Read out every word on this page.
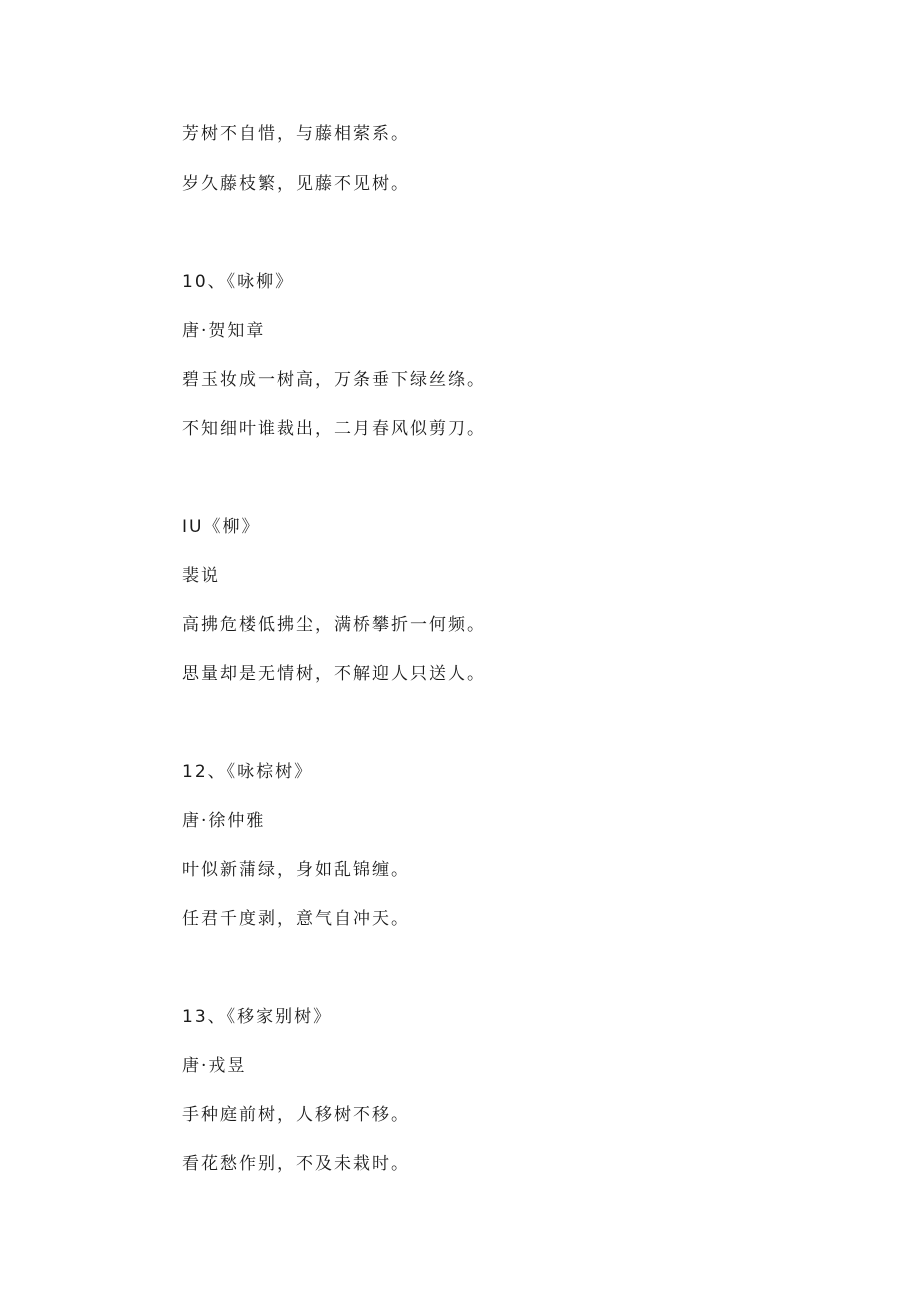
芳树不自惜，与藤相萦系。
岁久藤枝繁，见藤不见树。
10、《咏柳》
唐·贺知章
碧玉妆成一树高，万条垂下绿丝绦。
不知细叶谁裁出，二月春风似剪刀。
IU《柳》
裴说
高拂危楼低拂尘，满桥攀折一何频。
思量却是无情树，不解迎人只送人。
12、《咏棕树》
唐·徐仲雅
叶似新蒲绿，身如乱锦缠。
任君千度剥，意气自冲天。
13、《移家别树》
唐·戎昱
手种庭前树，人移树不移。
看花愁作别，不及未栽时。
